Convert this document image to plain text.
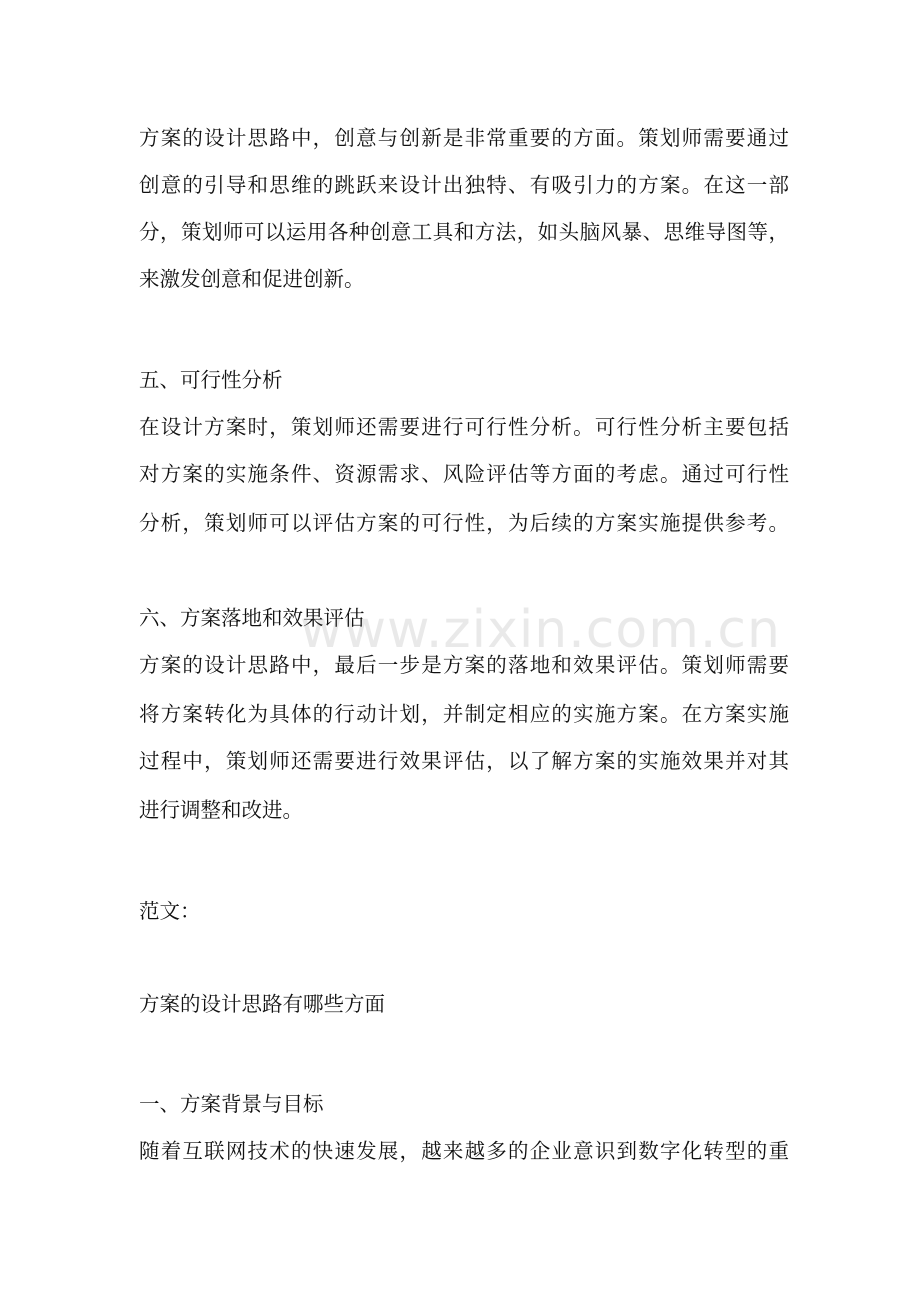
方案的设计思路中，创意与创新是非常重要的方面。策划师需要通过
创意的引导和思维的跳跃来设计出独特、有吸引力的方案。在这一部
分，策划师可以运用各种创意工具和方法，如头脑风暴、思维导图等，
来激发创意和促进创新。
五、可行性分析
在设计方案时，策划师还需要进行可行性分析。可行性分析主要包括
对方案的实施条件、资源需求、风险评估等方面的考虑。通过可行性
分析，策划师可以评估方案的可行性，为后续的方案实施提供参考。
六、方案落地和效果评估
方案的设计思路中，最后一步是方案的落地和效果评估。策划师需要
将方案转化为具体的行动计划，并制定相应的实施方案。在方案实施
过程中，策划师还需要进行效果评估，以了解方案的实施效果并对其
进行调整和改进。
范文：
方案的设计思路有哪些方面
一、方案背景与目标
随着互联网技术的快速发展，越来越多的企业意识到数字化转型的重
www.zixin.com.cn
